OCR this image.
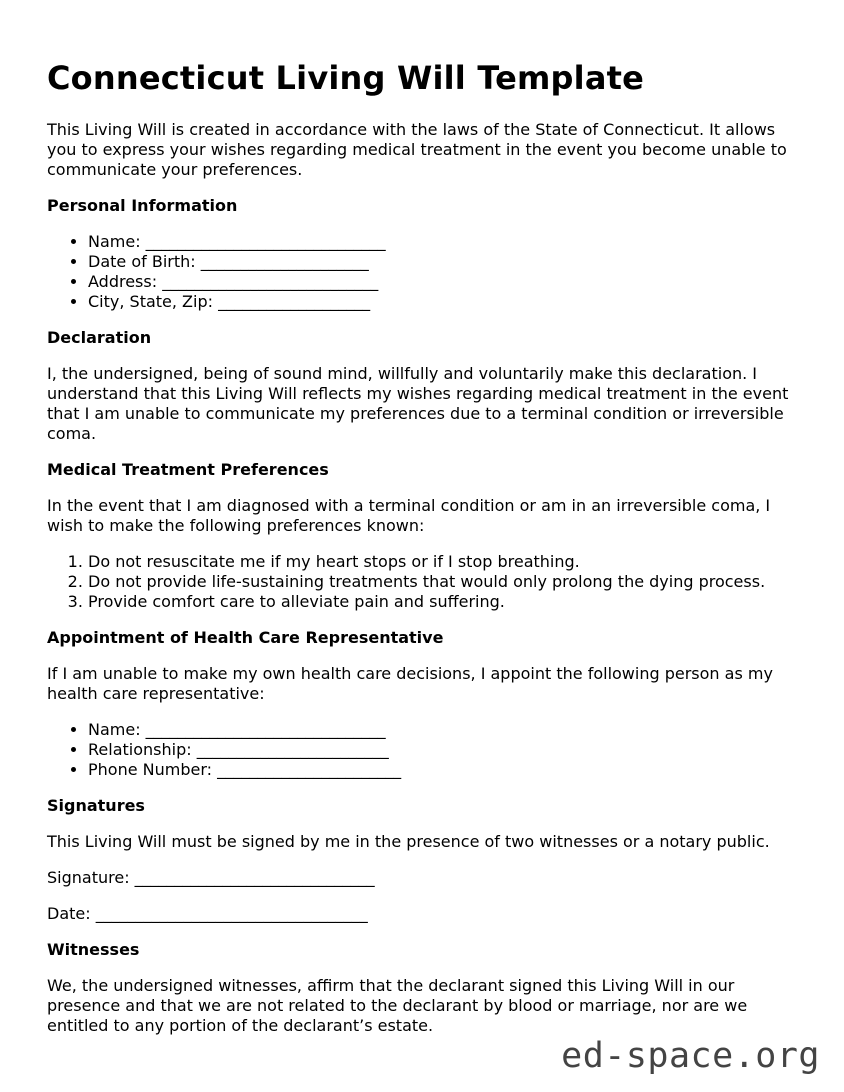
Connecticut Living Will Template

This Living Will is created in accordance with the laws of the State of Connecticut. It allows you to express your wishes regarding medical treatment in the event you become unable to communicate your preferences.

Personal Information
• Name: ______________________________
• Date of Birth: _____________________
• Address: ___________________________
• City, State, Zip: ___________________
Declaration

I, the undersigned, being of sound mind, willfully and voluntarily make this declaration. I understand that this Living Will reflects my wishes regarding medical treatment in the event that I am unable to communicate my preferences due to a terminal condition or irreversible coma.

Medical Treatment Preferences

In the event that I am diagnosed with a terminal condition or am in an irreversible coma, I wish to make the following preferences known:

1. Do not resuscitate me if my heart stops or if I stop breathing.
2. Do not provide life-sustaining treatments that would only prolong the dying process.
3. Provide comfort care to alleviate pain and suffering.
Appointment of Health Care Representative

If I am unable to make my own health care decisions, I appoint the following person as my health care representative:

• Name: ______________________________
• Relationship: ________________________
• Phone Number: _______________________
Signatures

This Living Will must be signed by me in the presence of two witnesses or a notary public.

Signature: ______________________________

Date: __________________________________

Witnesses

We, the undersigned witnesses, affirm that the declarant signed this Living Will in our presence and that we are not related to the declarant by blood or marriage, nor are we entitled to any portion of the declarant’s estate.

ed-space.org
